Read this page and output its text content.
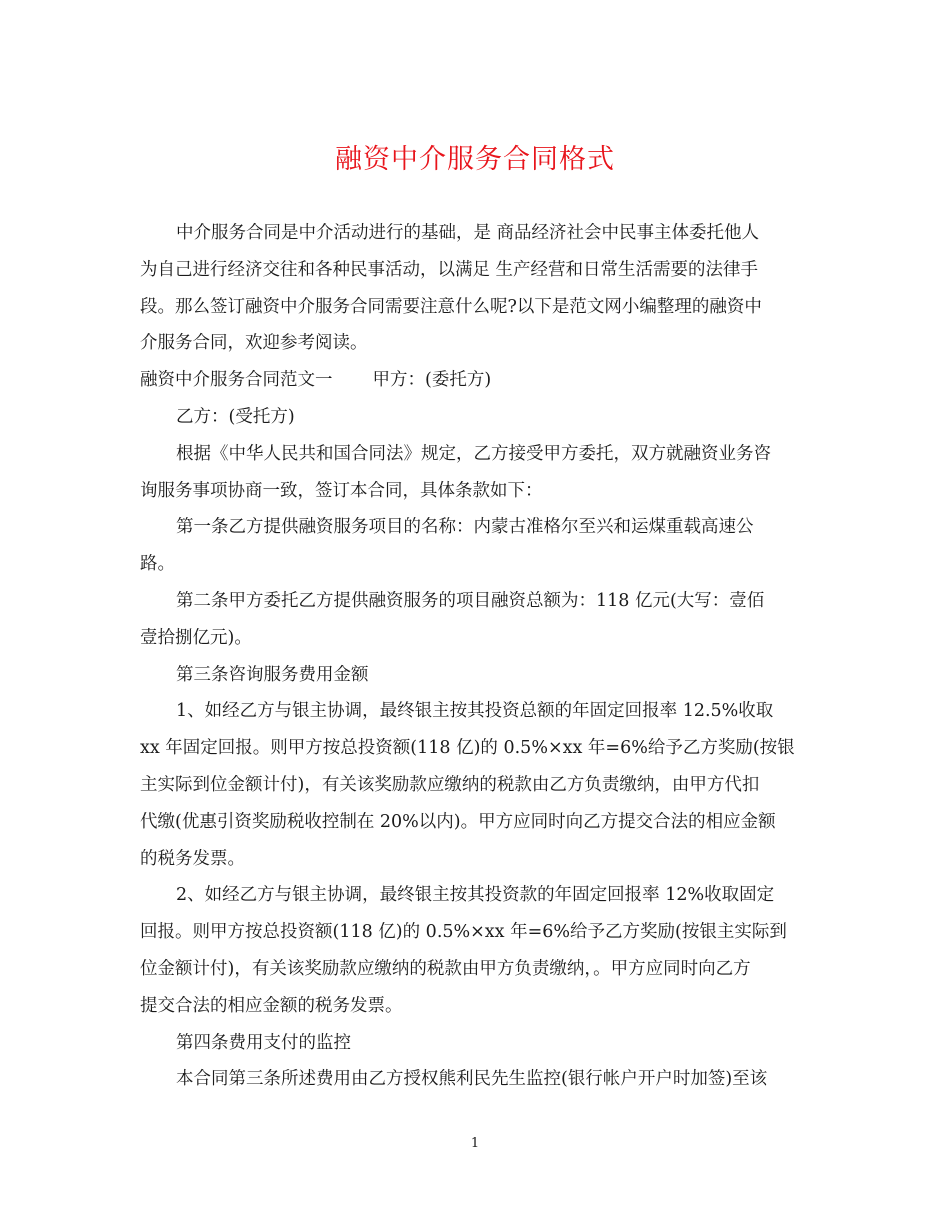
融资中介服务合同格式
中介服务合同是中介活动进行的基础，是 商品经济社会中民事主体委托他人
为自己进行经济交往和各种民事活动，以满足 生产经营和日常生活需要的法律手
段。那么签订融资中介服务合同需要注意什么呢?以下是范文网小编整理的融资中
介服务合同，欢迎参考阅读。
融资中介服务合同范文一 甲方：(委托方)
乙方：(受托方)
根据《中华人民共和国合同法》规定，乙方接受甲方委托，双方就融资业务咨
询服务事项协商一致，签订本合同，具体条款如下：
第一条乙方提供融资服务项目的名称：内蒙古准格尔至兴和运煤重载高速公
路。
第二条甲方委托乙方提供融资服务的项目融资总额为：118 亿元(大写：壹佰
壹拾捌亿元)。
第三条咨询服务费用金额
1、如经乙方与银主协调，最终银主按其投资总额的年固定回报率 12.5%收取
xx 年固定回报。则甲方按总投资额(118 亿)的 0.5%×xx 年=6%给予乙方奖励(按银
主实际到位金额计付)，有关该奖励款应缴纳的税款由乙方负责缴纳，由甲方代扣
代缴(优惠引资奖励税收控制在 20%以内)。甲方应同时向乙方提交合法的相应金额
的税务发票。
2、如经乙方与银主协调，最终银主按其投资款的年固定回报率 12%收取固定
回报。则甲方按总投资额(118 亿)的 0.5%×xx 年=6%给予乙方奖励(按银主实际到
位金额计付)，有关该奖励款应缴纳的税款由甲方负责缴纳，。甲方应同时向乙方
提交合法的相应金额的税务发票。
第四条费用支付的监控
本合同第三条所述费用由乙方授权熊利民先生监控(银行帐户开户时加签)至该
1
